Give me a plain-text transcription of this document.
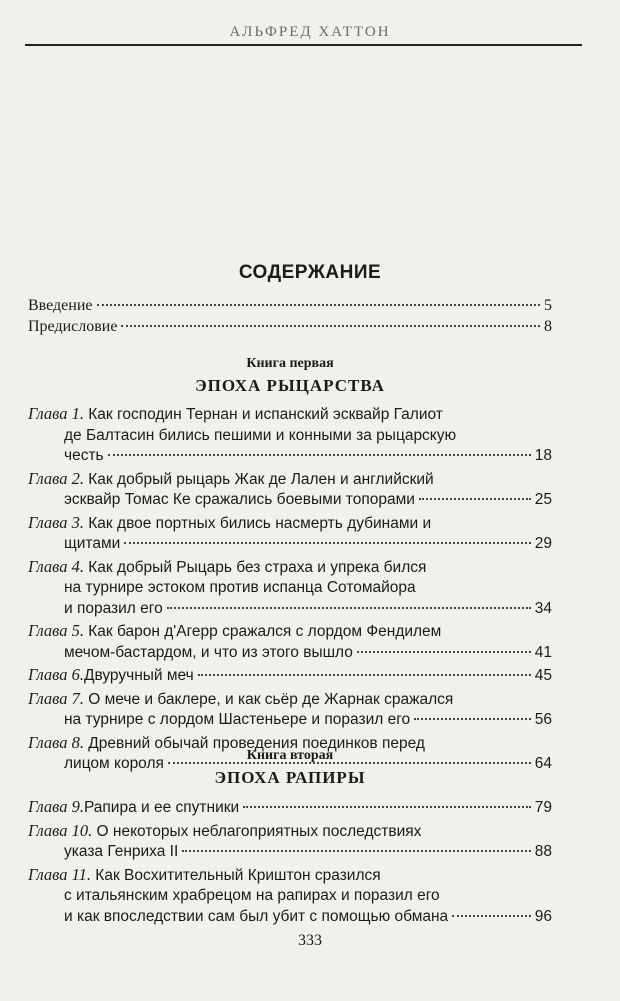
АЛЬФРЕД ХАТТОН
СОДЕРЖАНИЕ
Введение	5
Предисловие	8
Книга первая
ЭПОХА РЫЦАРСТВА
Глава 1. Как господин Тернан и испанский эсквайр Галиот
де Балтасин бились пешими и конными за рыцарскую
честь	18
Глава 2. Как добрый рыцарь Жак де Лален и английский
эсквайр Томас Ке сражались боевыми топорами	25
Глава 3. Как двое портных бились насмерть дубинами и
щитами	29
Глава 4. Как добрый Рыцарь без страха и упрека бился
на турнире эстоком против испанца Сотомайора
и поразил его	34
Глава 5. Как барон д'Агерр сражался с лордом Фендилем
мечом-бастардом, и что из этого вышло	41
Глава 6. Двуручный меч	45
Глава 7. О мече и баклере, и как сьёр де Жарнак сражался
на турнире с лордом Шастеньере и поразил его	56
Глава 8. Древний обычай проведения поединков перед
лицом короля	64
Книга вторая
ЭПОХА РАПИРЫ
Глава 9. Рапира и ее спутники	79
Глава 10. О некоторых неблагоприятных последствиях
указа Генриха II	88
Глава 11. Как Восхитительный Криштон сразился
с итальянским храбрецом на рапирах и поразил его
и как впоследствии сам был убит с помощью обмана	96
333
